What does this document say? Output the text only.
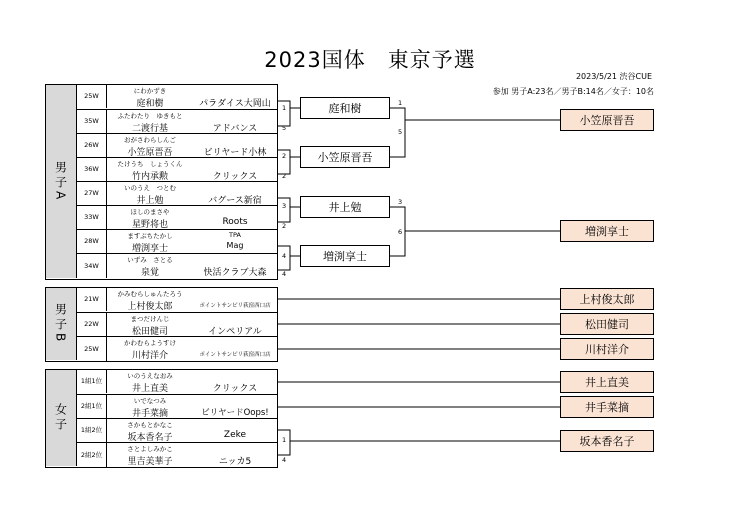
2023国体　東京予選
2023/5/21 渋谷CUE
参加 男子A:23名／男子B:14名／女子：10名
男子A
25W
にわかずき
庭和樹	パラダイス大岡山
35W
ふたわたり　ゆきもと
二渡行基	アドバンス
26W
おがさわらしんご
小笠原晋吾	ビリヤード小林
36W
たけうち　しょうくん
竹内承勲	クリックス
27W
いのうえ　つとむ
井上勉	バグース新宿
33W
ほしのまさや
星野将也	Roots
28W
ますぶちたかし
増渕享士
TPA
Mag
34W
いずみ　さとる
泉覚	快活クラブ大森
1
5
2
2
3
2
4
4
庭和樹
小笠原晋吾
井上勉
増渕享士
1
5
3
6
小笠原晋吾
増渕享士
男子B
21W
かみむらしゅんたろう
上村俊太郎	ポイントサンピリ荻窪西口店
22W
まつだけんじ
松田健司	インペリアル
25W
かわむらようすけ
川村洋介	ポイントサンピリ荻窪西口店
上村俊太郎
松田健司
川村洋介
女子
1組1位
いのうえなおみ
井上直美	クリックス
2組1位
いでなつみ
井手菜摘	ビリヤードOops!
1組2位
さかもとかなこ
坂本香名子	Zeke
2組2位
さとよしみかこ
里吉美華子	ニッカ5
1
4
井上直美
井手菜摘
坂本香名子
